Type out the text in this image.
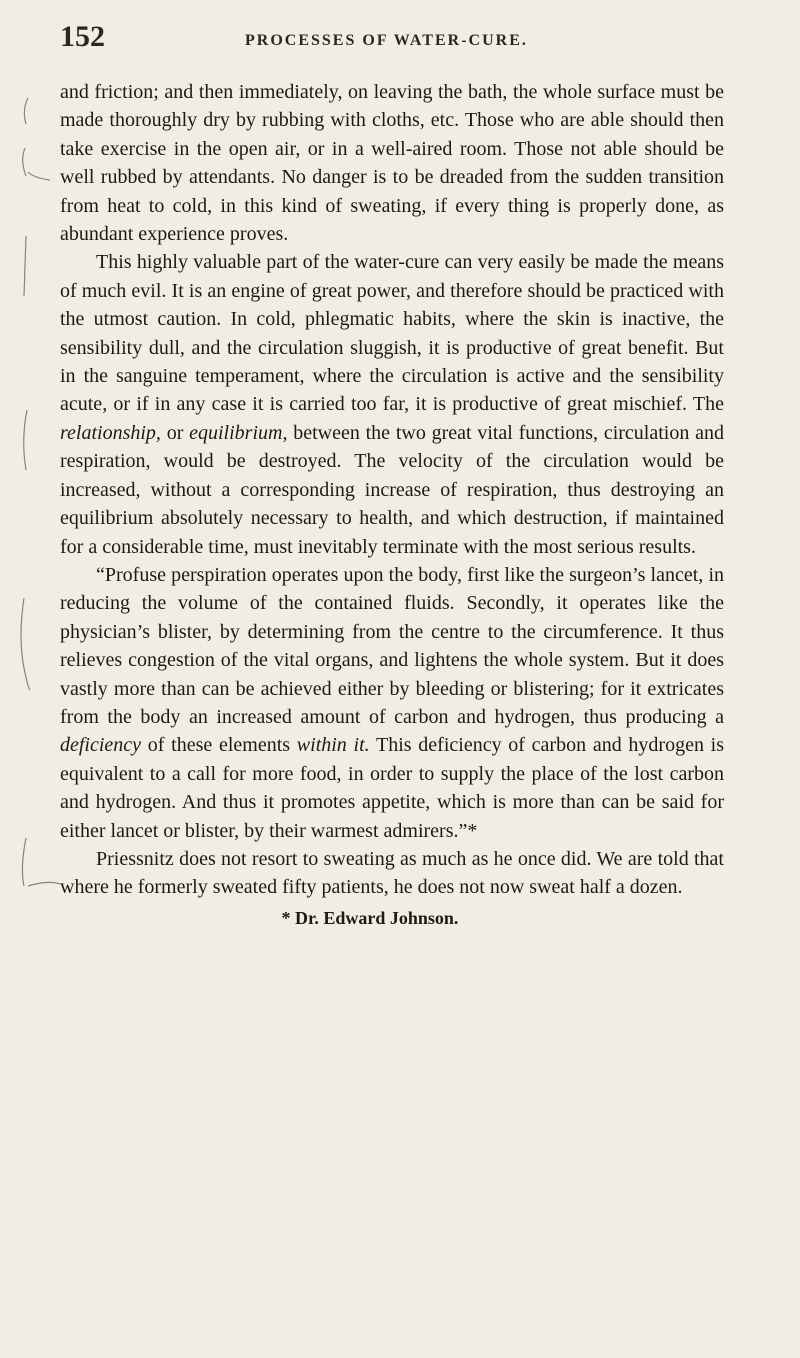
152	PROCESSES OF WATER-CURE.

and friction; and then immediately, on leaving the bath, the whole surface must be made thoroughly dry by rubbing with cloths, etc. Those who are able should then take exercise in the open air, or in a well-aired room. Those not able should be well rubbed by attendants. No danger is to be dreaded from the sudden transition from heat to cold, in this kind of sweating, if every thing is properly done, as abundant experience proves.

This highly valuable part of the water-cure can very easily be made the means of much evil. It is an engine of great power, and therefore should be practiced with the utmost caution. In cold, phlegmatic habits, where the skin is inactive, the sensibility dull, and the circulation sluggish, it is productive of great benefit. But in the sanguine temperament, where the circulation is active and the sensibility acute, or if in any case it is carried too far, it is productive of great mischief. The relationship, or equilibrium, between the two great vital functions, circulation and respiration, would be destroyed. The velocity of the circulation would be increased, without a corresponding increase of respiration, thus destroying an equilibrium absolutely necessary to health, and which destruction, if maintained for a considerable time, must inevitably terminate with the most serious results.

“Profuse perspiration operates upon the body, first like the surgeon’s lancet, in reducing the volume of the contained fluids. Secondly, it operates like the physician’s blister, by determining from the centre to the circumference. It thus relieves congestion of the vital organs, and lightens the whole system. But it does vastly more than can be achieved either by bleeding or blistering; for it extricates from the body an increased amount of carbon and hydrogen, thus producing a deficiency of these elements within it. This deficiency of carbon and hydrogen is equivalent to a call for more food, in order to supply the place of the lost carbon and hydrogen. And thus it promotes appetite, which is more than can be said for either lancet or blister, by their warmest admirers.”*

Priessnitz does not resort to sweating as much as he once did. We are told that where he formerly sweated fifty patients, he does not now sweat half a dozen.

* Dr. Edward Johnson.
